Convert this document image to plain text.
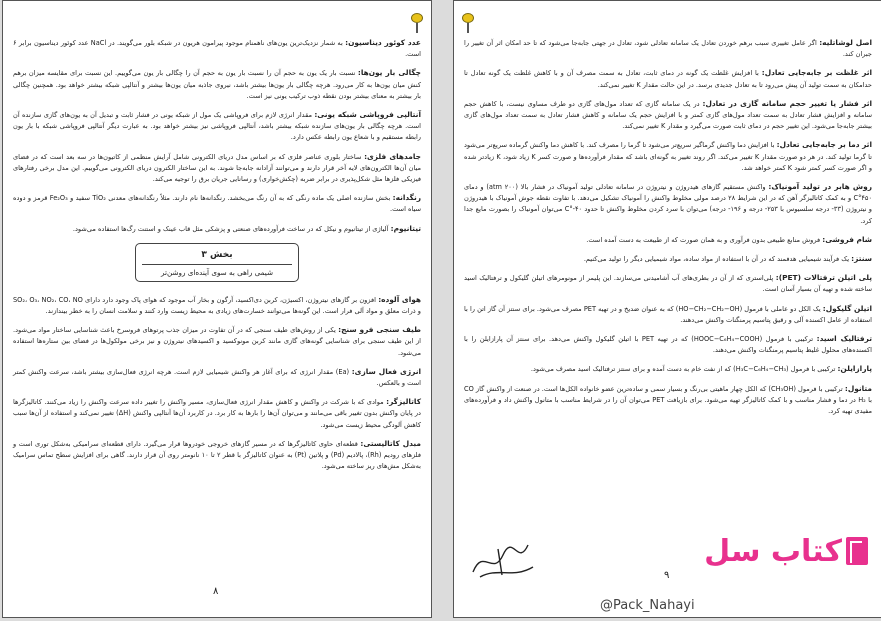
عدد کوئور دیناسیون: به شمار نزدیک‌ترین یون‌های ناهمنام موجود پیرامون هریون در شبکه بلور می‌گویند. در NaCl عدد کوئور دیناسیون برابر ۶ است.

چگالی بار یون‌ها: نسبت بار یک یون به حجم آن را نسبت بار یون به حجم آن را چگالی بار یون می‌گوییم. این نسبت برای مقایسه میزان برهم کنش میان یون‌ها به کار می‌رود. هرچه چگالی بار یون‌ها بیشتر باشد، نیروی جاذبه میان یون‌ها بیشتر و آنتالپی شبکه بیشتر خواهد بود. همچنین چگالی بار بیشتر به معنای بیشتر بودن نقطه ذوب ترکیب یونی نیز است.

آنتالپی فروپاشی شبکه یونی: مقدار انرژی لازم برای فروپاشی یک مول از شبکه یونی در فشار ثابت و تبدیل آن به یون‌های گازی سازنده آن است. هرچه چگالی بار یون‌های سازنده شبکه بیشتر باشد، آنتالپی فروپاشی نیز بیشتر خواهد بود. به عبارت دیگر آنتالپی فروپاشی شبکه با بار یون رابطه مستقیم و با شعاع یون رابطه عکس دارد.

جامدهای فلزی: ساختار بلوری عناصر فلزی که بر اساس مدل دریای الکترونی شامل آرایش منظمی از کاتیون‌ها در سه بعد است که در فضای میان آن‌ها الکترون‌های لایه آخر قرار دارند و می‌توانند آزادانه جابه‌جا شوند. به این ساختار الکترون دریای الکترونی می‌گوییم. این مدل برخی رفتارهای فیزیکی فلزها مثل شکل‌پذیری در برابر ضربه (چکش‌خواری) و رسانایی جریان برق را توجیه می‌کند.

رنگدانه: بخش سازنده اصلی یک ماده رنگی که به آن رنگ می‌بخشد. رنگدانه‌ها نام دارند. مثلاً رنگدانه‌های معدنی TiO₂ سفید و Fe₂O₃ قرمز و دوده سیاه است.

تیتانیوم: آلیاژی از تیتانیوم و نیکل که در ساخت فرآورده‌های صنعتی و پزشکی مثل قاب عینک و استنت رگ‌ها استفاده می‌شود.

بخش ۳
شیمی راهی به سوی آینده‌ای روشن‌تر

هوای آلوده: افزون بر گازهای نیتروژن، اکسیژن، کربن دی‌اکسید، آرگون و بخار آب موجود که هوای پاک وجود دارد دارای SO₂، O₃، NO₂، CO، NO و ذرات معلق و مواد آلی فرار است. این گونه‌ها می‌توانند خسارت‌های زیادی به محیط زیست وارد کنند و سلامت انسان را به خطر بیندازند.

طیف سنجی فرو سنج: یکی از روش‌های طیف سنجی که در آن تفاوت در میزان جذب پرتوهای فروسرخ باعث شناسایی ساختار مواد می‌شود. از این طیف سنجی برای شناسایی گونه‌های گازی مانند کربن مونوکسید و اکسیدهای نیتروژن و نیز برخی مولکول‌ها در فضای بین ستاره‌ها استفاده می‌شود.

انرژی فعال سازی: (Ea) مقدار انرژی که برای آغاز هر واکنش شیمیایی لازم است. هرچه انرژی فعال‌سازی بیشتر باشد، سرعت واکنش کمتر است و بالعکس.

کاتالیزگر: موادی که با شرکت در واکنش و کاهش مقدار انرژی فعال‌سازی، مسیر واکنش را تغییر داده سرعت واکنش را زیاد می‌کنند. کاتالیزگرها در پایان واکنش بدون تغییر باقی می‌مانند و می‌توان آن‌ها را بارها به کار برد. در کاربرد آن‌ها آنتالپی واکنش (ΔH) تغییر نمی‌کند و استفاده از آن‌ها سبب کاهش آلودگی محیط زیست می‌شود.

مبدل کاتالیستی: قطعه‌ای حاوی کاتالیزگرها که در مسیر گازهای خروجی خودروها قرار می‌گیرد. دارای قطعه‌ای سرامیکی به‌شکل توری است و فلزهای روديم (Rh)، پالاديم (Pd) و پلاتين (Pt) به عنوان کاتالیزگر با قطر ۲ تا ۱۰ نانومتر روی آن قرار دارند. گاهی برای افزایش سطح تماس سرامیک به‌شکل مش‌های ریز ساخته می‌شود.

۸

اصل لوشاتلیه: اگر عامل تغییری سبب برهم خوردن تعادل یک سامانه تعادلی شود، تعادل در جهتی جابه‌جا می‌شود که تا حد امکان اثر آن تغییر را جبران کند.

اثر غلظت بر جابه‌جایی تعادل: با افزایش غلظت یک گونه در دمای ثابت، تعادل به سمت مصرف آن و با کاهش غلظت یک گونه تعادل تا حدامکان به سمت تولید آن پیش می‌رود تا به تعادل جدیدی برسد. در این حالت مقدار K تغییر نمی‌کند.

اثر فشار یا تغییر حجم سامانه گازی در تعادل: در یک سامانه گازی که تعداد مول‌های گازی دو طرف مساوی نیست، با کاهش حجم سامانه و افزایش فشار تعادل به سمت تعداد مول‌های گازی کمتر و با افزایش حجم یک سامانه و کاهش فشار تعادل به سمت تعداد مول‌های گازی بیشتر جابه‌جا می‌شود. این تغییر حجم در دمای ثابت صورت می‌گیرد و مقدار K تغییر نمی‌کند.

اثر دما بر جابه‌جایی تعادل: با افزایش دما واکنش گرماگیر سریع‌تر می‌شود تا گرما را مصرف کند. با کاهش دما واکنش گرماده سریع‌تر می‌شود تا گرما تولید کند. در هر دو صورت مقدار K تغییر می‌کند. اگر روند تغییر به گونه‌ای باشد که مقدار فرآورده‌ها و صورت کسر K زیاد شود، K زیادتر شده و اگر صورت کسر کمتر شود K کمتر خواهد شد.

روش هابر در تولید آمونیاک: واکنش مستقیم گازهای هیدروژن و نیتروژن در سامانه تعادلی تولید آمونیاک در فشار بالا (۲۰۰ atm) و دمای ۴۵۰°C و به کمک کاتالیزگر آهن که در این شرایط ۲۸ درصد مولی مخلوط واکنش را آمونیاک تشکیل می‌دهد. با تفاوت نقطه جوش آمونیاک با هیدروژن و نیتروژن (۳۳- درجه سلسیوس با ۲۵۳- درجه و ۱۹۶- درجه) می‌توان با سرد کردن مخلوط واکنش تا حدود ۴۰-°C می‌توان آمونیاک را بصورت مایع جدا کرد.

شام فروشی: فروش منابع طبیعی بدون فرآوری و به همان صورت که از طبیعت به دست آمده است.

سنتز: یک فرآیند شیمیایی هدفمند که در آن با استفاده از مواد ساده، مواد شیمیایی دیگر را تولید می‌کنیم.

پلی اتیلن ترفتالات (PET): پلی‌استری که از آن در بطری‌های آب آشامیدنی می‌سازند. این پلیمر از مونومرهای اتیلن گلیکول و ترفتالیک اسید ساخته شده و تهیه آن بسیار آسان است.

اتیلن گلیکول: یک الکل دو عاملی با فرمول (HO−CH₂−CH₂−OH) که به عنوان ضدیخ و در تهیه PET مصرف می‌شود. برای سنتز آن گاز اتن را با استفاده از عامل اکسنده آلی و رقیق پتاسیم پرمنگنات واکنش می‌دهند.

ترفتالیک اسید: ترکیبی با فرمول (HOOC−C₆H₄−COOH) که در تهیه PET با اتیلن گلیکول واکنش می‌دهد. برای سنتز آن پارازایلن را با اکسنده‌های محلول غلیظ پتاسیم پرمنگنات واکنش می‌دهند.

پارازایلن: ترکیبی با فرمول (H₃C−C₆H₄−CH₃) که از نفت خام به دست آمده و برای سنتز ترفتالیک اسید مصرف می‌شود.

متانول: ترکیبی با فرمول (CH₃OH) که الکل چهار ماهیتی بی‌رنگ و بسیار سمی و ساده‌ترین عضو خانواده الکل‌ها است. در صنعت از واکنش گاز CO با H₂ در دما و فشار مناسب و با کمک کاتالیزگر تهیه می‌شود. برای بازیافت PET می‌توان آن را در شرایط مناسب با متانول واکنش داد و فرآورده‌های مفیدی تهیه کرد.

۹
کتاب سل
@Pack_Nahayi
